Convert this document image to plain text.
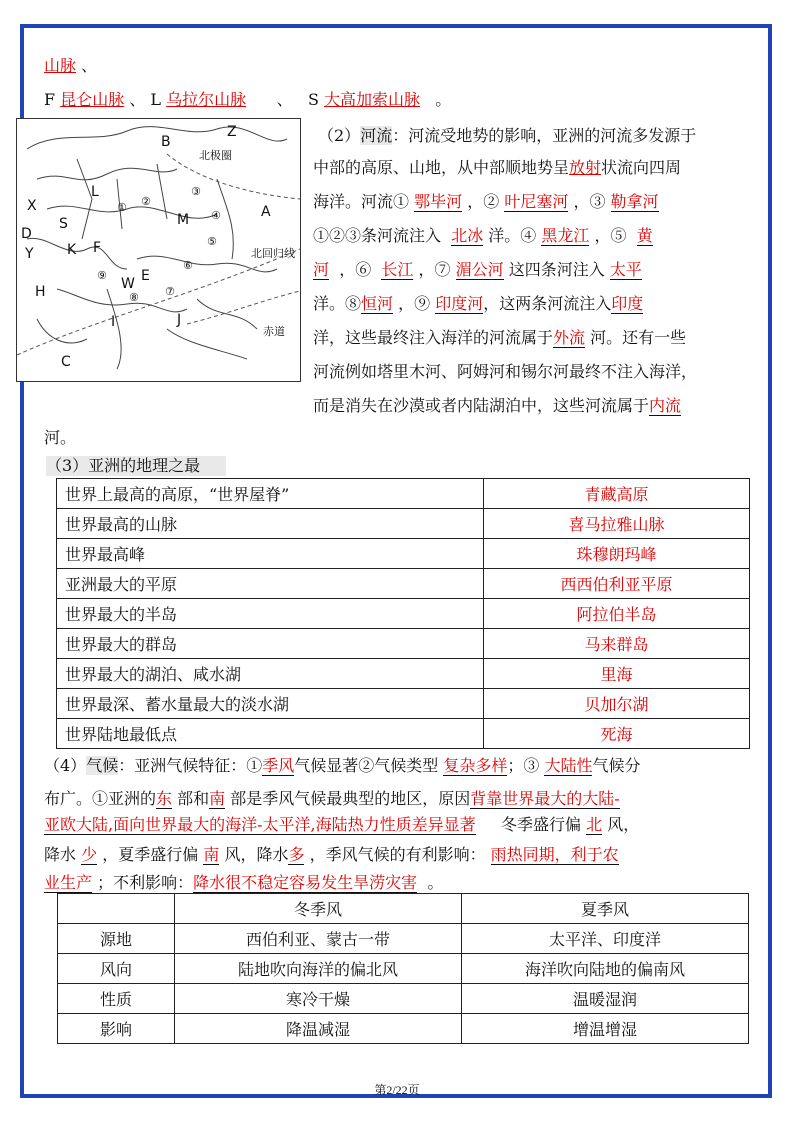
山脉 、
F 昆仑山脉 、 L 乌拉尔山脉 、 S 大高加索山脉 。
B
Z
L
X
D
Y
S
K F
M	A
H	W E
I	J
C
① ②
③
④
⑤
⑥
⑦
⑧
⑨
北极圈
北回归线
赤道
（2）河流：河流受地势的影响，亚洲的河流多发源于
中部的高原、山地，从中部顺地势呈放射状流向四周
海洋。河流① 鄂毕河 ，② 叶尼塞河 ，③ 勒拿河
①②③条河流注入 北冰 洋。④ 黑龙江 ，⑤ 黄
河 ，⑥ 长江 ，⑦ 湄公河 这四条河注入 太平
洋。⑧恒河 ，⑨ 印度河，这两条河流注入印度
洋，这些最终注入海洋的河流属于外流 河。还有一些
河流例如塔里木河、阿姆河和锡尔河最终不注入海洋，
而是消失在沙漠或者内陆湖泊中，这些河流属于内流
河。
（3）亚洲的地理之最
世界上最高的高原，“世界屋脊”	青藏高原
世界最高的山脉	喜马拉雅山脉
世界最高峰	珠穆朗玛峰
亚洲最大的平原	西西伯利亚平原
世界最大的半岛	阿拉伯半岛
世界最大的群岛	马来群岛
世界最大的湖泊、咸水湖	里海
世界最深、蓄水量最大的淡水湖	贝加尔湖
世界陆地最低点	死海
（4）气候：亚洲气候特征：①季风气候显著②气候类型 复杂多样；③ 大陆性气候分
布广。①亚洲的东 部和南 部是季风气候最典型的地区，原因背靠世界最大的大陆-
亚欧大陆,面向世界最大的海洋-太平洋,海陆热力性质差异显著 冬季盛行偏 北 风，
降水 少 ，夏季盛行偏 南 风，降水多 ，季风气候的有利影响： 雨热同期，利于农
业生产 ；不利影响：降水很不稳定容易发生旱涝灾害 。
	冬季风	夏季风
源地	西伯利亚、蒙古一带	太平洋、印度洋
风向	陆地吹向海洋的偏北风	海洋吹向陆地的偏南风
性质	寒冷干燥	温暖湿润
影响	降温减湿	增温增湿
第2/22页
